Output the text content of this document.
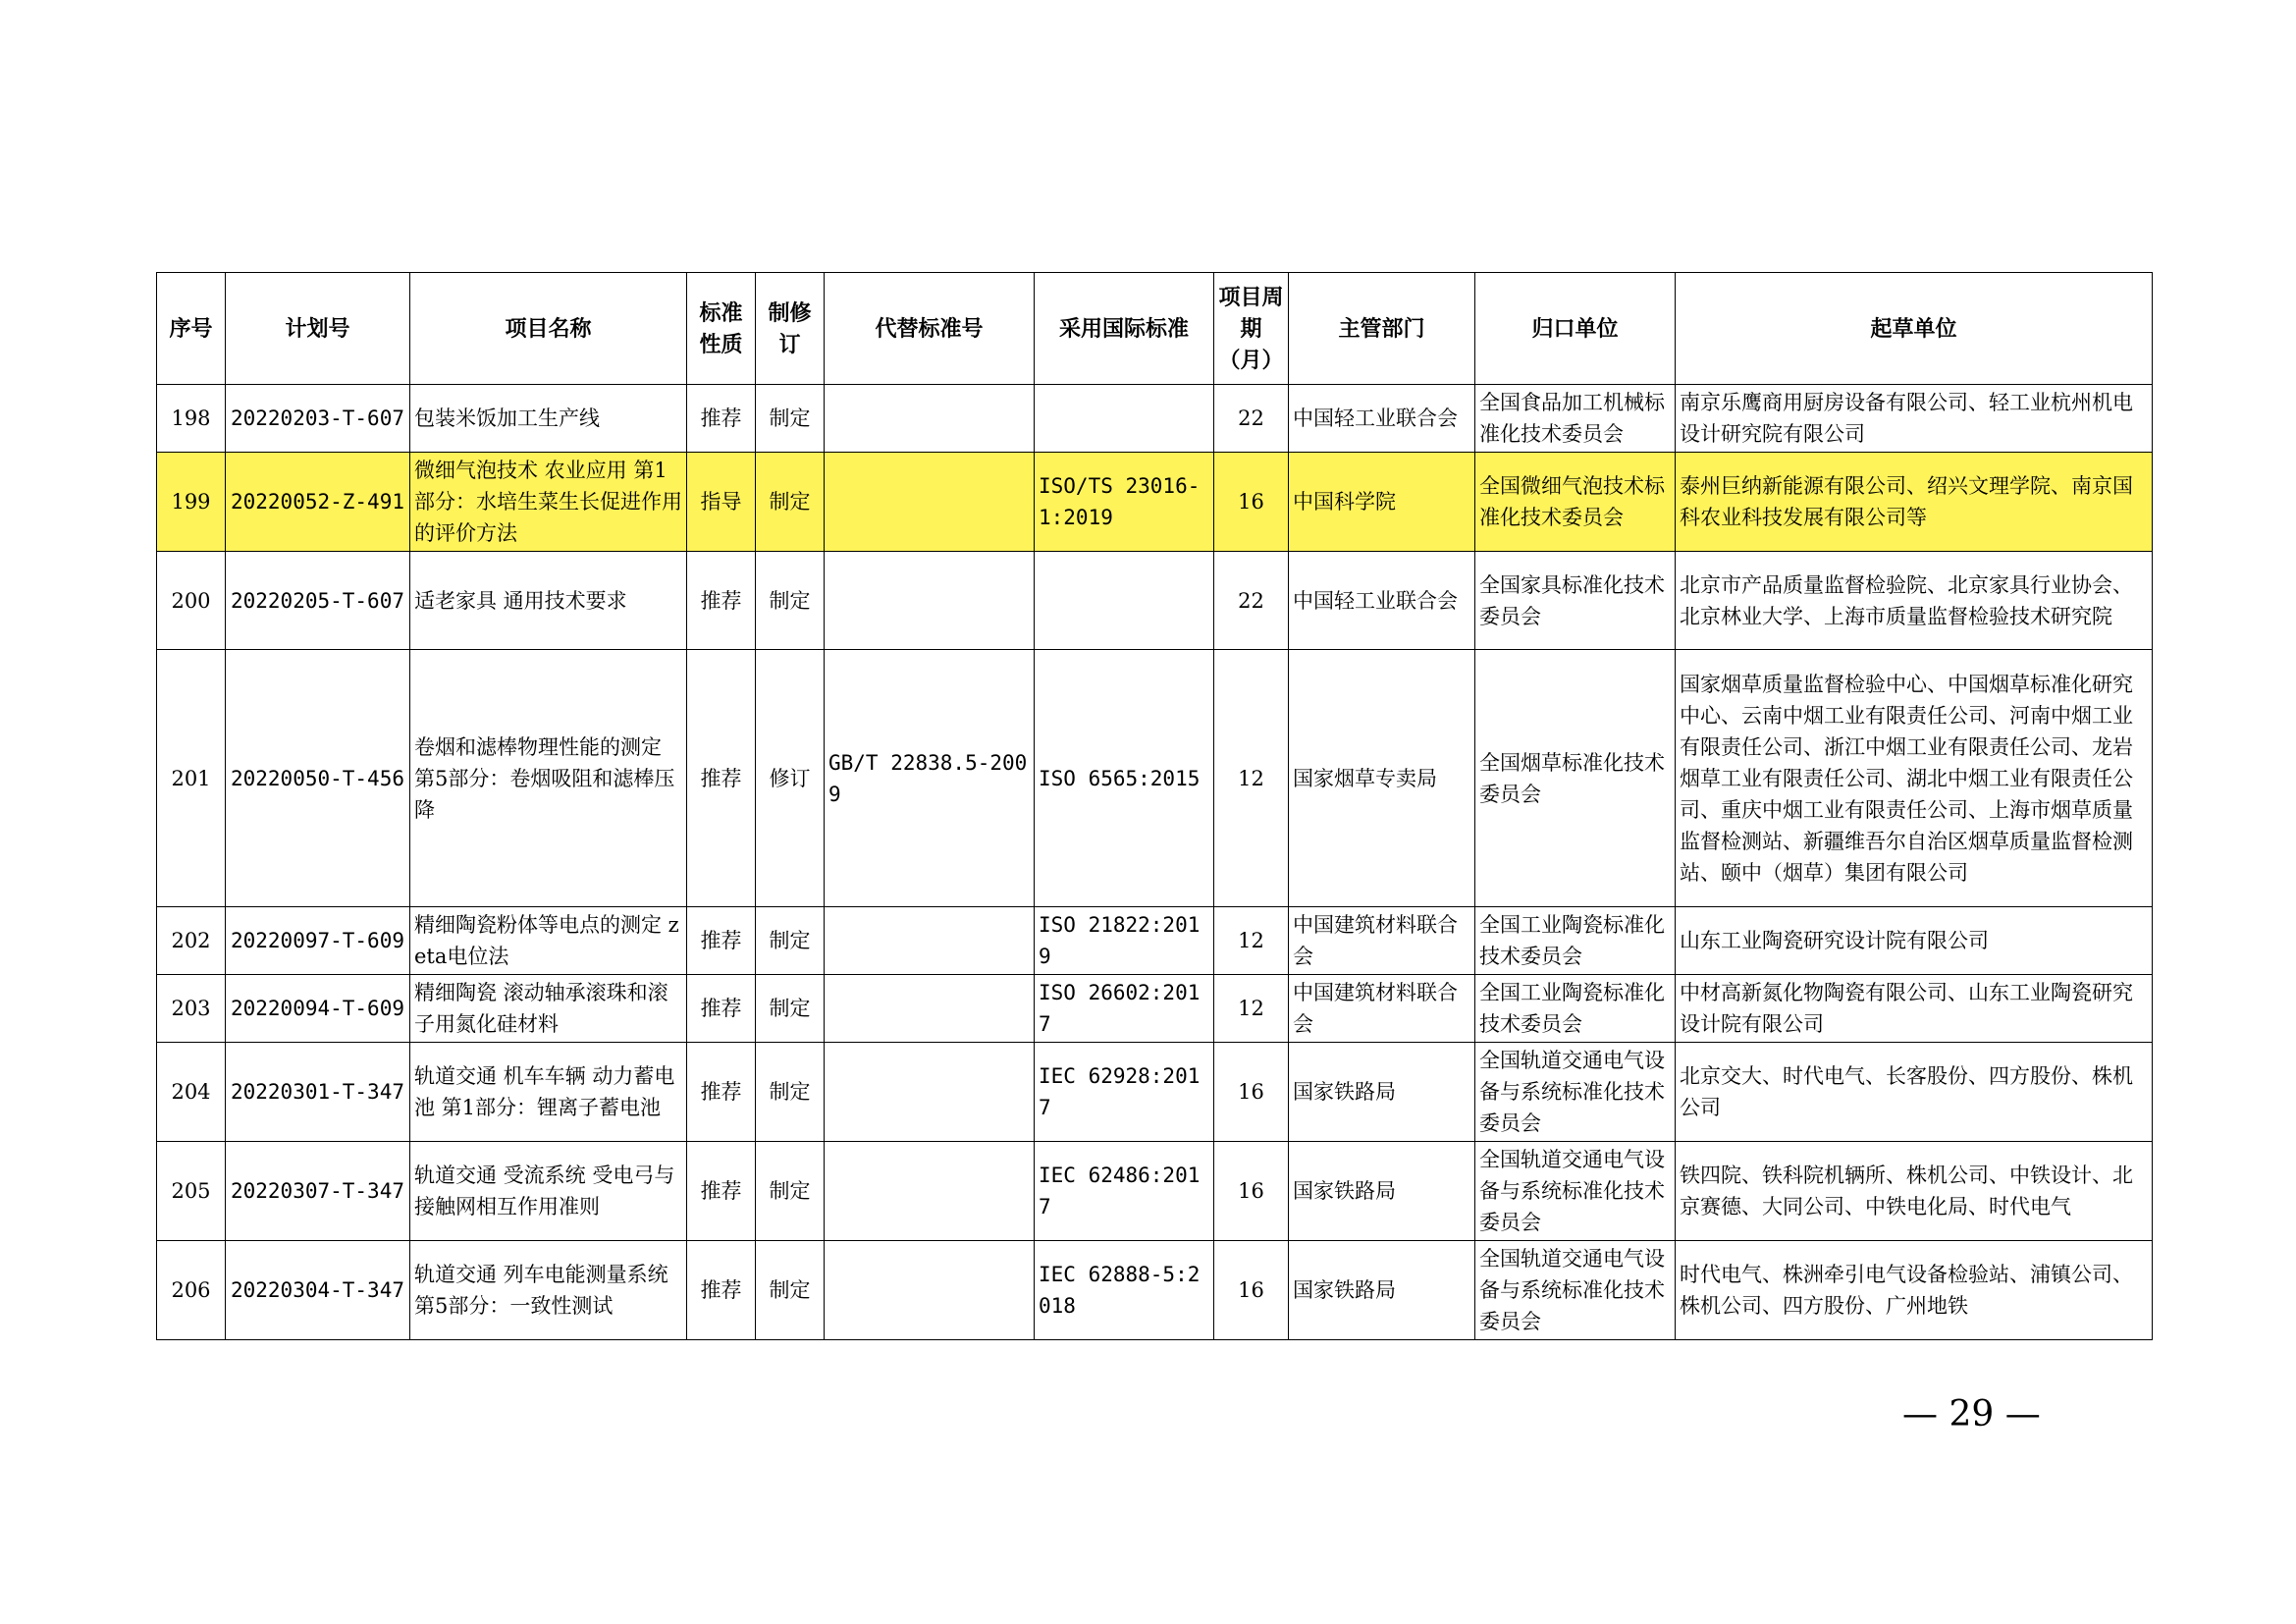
序号	计划号	项目名称	标准性质	制修订	代替标准号	采用国际标准	项目周期（月）	主管部门	归口单位	起草单位
198	20220203-T-607	包装米饭加工生产线	推荐	制定			22	中国轻工业联合会	全国食品加工机械标准化技术委员会	南京乐鹰商用厨房设备有限公司、轻工业杭州机电设计研究院有限公司
199	20220052-Z-491	微细气泡技术 农业应用 第1部分：水培生菜生长促进作用的评价方法	指导	制定		ISO/TS 23016-1:2019	16	中国科学院	全国微细气泡技术标准化技术委员会	泰州巨纳新能源有限公司、绍兴文理学院、南京国科农业科技发展有限公司等
200	20220205-T-607	适老家具 通用技术要求	推荐	制定			22	中国轻工业联合会	全国家具标准化技术委员会	北京市产品质量监督检验院、北京家具行业协会、北京林业大学、上海市质量监督检验技术研究院
201	20220050-T-456	卷烟和滤棒物理性能的测定 第5部分：卷烟吸阻和滤棒压降	推荐	修订	GB/T 22838.5-2009	ISO 6565:2015	12	国家烟草专卖局	全国烟草标准化技术委员会	国家烟草质量监督检验中心、中国烟草标准化研究中心、云南中烟工业有限责任公司、河南中烟工业有限责任公司、浙江中烟工业有限责任公司、龙岩烟草工业有限责任公司、湖北中烟工业有限责任公司、重庆中烟工业有限责任公司、上海市烟草质量监督检测站、新疆维吾尔自治区烟草质量监督检测站、颐中（烟草）集团有限公司
202	20220097-T-609	精细陶瓷粉体等电点的测定 zeta电位法	推荐	制定		ISO 21822:2019	12	中国建筑材料联合会	全国工业陶瓷标准化技术委员会	山东工业陶瓷研究设计院有限公司
203	20220094-T-609	精细陶瓷 滚动轴承滚珠和滚子用氮化硅材料	推荐	制定		ISO 26602:2017	12	中国建筑材料联合会	全国工业陶瓷标准化技术委员会	中材高新氮化物陶瓷有限公司、山东工业陶瓷研究设计院有限公司
204	20220301-T-347	轨道交通 机车车辆 动力蓄电池 第1部分：锂离子蓄电池	推荐	制定		IEC 62928:2017	16	国家铁路局	全国轨道交通电气设备与系统标准化技术委员会	北京交大、时代电气、长客股份、四方股份、株机公司
205	20220307-T-347	轨道交通 受流系统 受电弓与接触网相互作用准则	推荐	制定		IEC 62486:2017	16	国家铁路局	全国轨道交通电气设备与系统标准化技术委员会	铁四院、铁科院机辆所、株机公司、中铁设计、北京赛德、大同公司、中铁电化局、时代电气
206	20220304-T-347	轨道交通 列车电能测量系统 第5部分：一致性测试	推荐	制定		IEC 62888-5:2018	16	国家铁路局	全国轨道交通电气设备与系统标准化技术委员会	时代电气、株洲牵引电气设备检验站、浦镇公司、株机公司、四方股份、广州地铁
— 29 —
